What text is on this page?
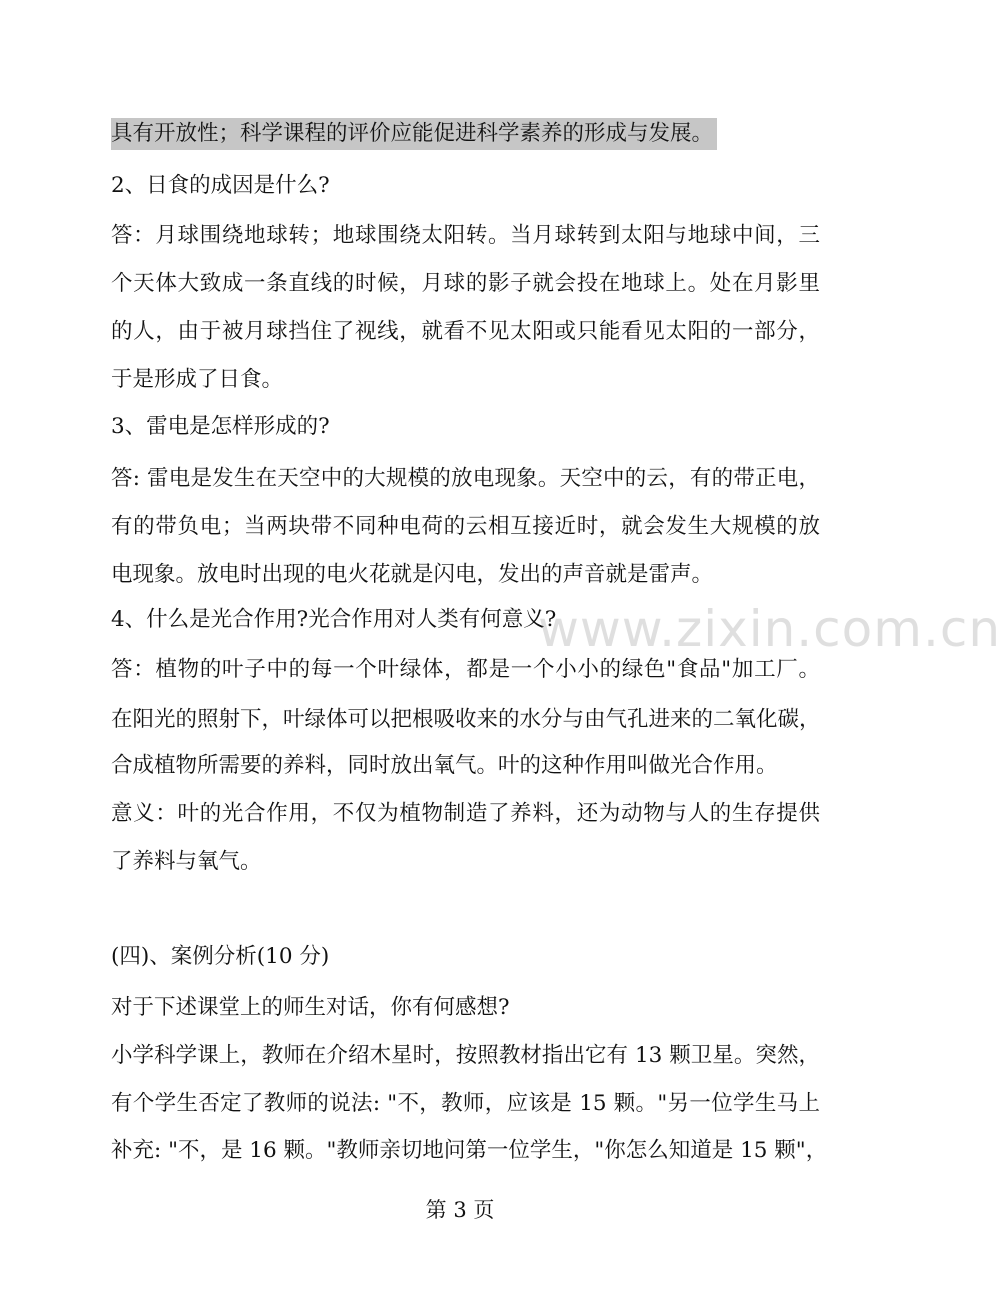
具有开放性；科学课程的评价应能促进科学素养的形成与发展。
2、日食的成因是什么?
答：月球围绕地球转；地球围绕太阳转。当月球转到太阳与地球中间，三
个天体大致成一条直线的时候，月球的影子就会投在地球上。处在月影里
的人，由于被月球挡住了视线，就看不见太阳或只能看见太阳的一部分，
于是形成了日食。
3、雷电是怎样形成的?
答: 雷电是发生在天空中的大规模的放电现象。天空中的云，有的带正电，
有的带负电；当两块带不同种电荷的云相互接近时，就会发生大规模的放
电现象。放电时出现的电火花就是闪电，发出的声音就是雷声。
4、什么是光合作用?光合作用对人类有何意义?
答：植物的叶子中的每一个叶绿体，都是一个小小的绿色"食品"加工厂。
在阳光的照射下，叶绿体可以把根吸收来的水分与由气孔进来的二氧化碳，
合成植物所需要的养料，同时放出氧气。叶的这种作用叫做光合作用。
意义：叶的光合作用，不仅为植物制造了养料，还为动物与人的生存提供
了养料与氧气。
(四)、案例分析(10 分)
对于下述课堂上的师生对话，你有何感想?
小学科学课上，教师在介绍木星时，按照教材指出它有 13 颗卫星。突然，
有个学生否定了教师的说法: "不，教师，应该是 15 颗。"另一位学生马上
补充: "不，是 16 颗。"教师亲切地问第一位学生，"你怎么知道是 15 颗"，
www.zixin.com.cn
第 3 页
